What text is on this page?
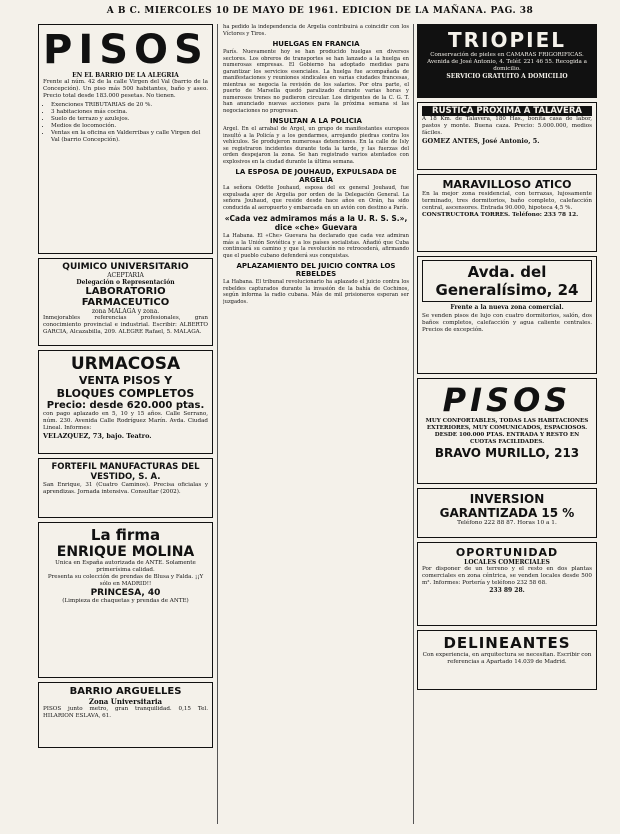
A B C. MIERCOLES 10 DE MAYO DE 1961. EDICION DE LA MAÑANA. PAG. 38
PISOS
EN EL BARRIO DE LA ALEGRIA
Frente al núm. 42 de la calle Virgen del Val (barrio de la Concepción). Un piso más 500 habitantes, baño y aseo. Precio total desde 183.000 pesetas. No tienen.
• Exenciones TRIBUTARIAS de 20 %.
• 3 habitaciones más cocina.
• Suelo de terrazo y azulejos.
• Medios de locomoción.
• Ventas en la oficina en Valderribas y calle Virgen del Val (barrio Concepción).
QUIMICO UNIVERSITARIO
ACEPTARIA
Delegación o Representación
LABORATORIO FARMACEUTICO
zona MALAGA y zona.
Inmejorables referencias profesionales, gran conocimiento provincial e industrial. Escribir: ALBERTO GARCIA, Alcazabilla, 209. ALEGRE Rafael, 5. MALAGA.
URMACOSA
VENTA PISOS Y
BLOQUES COMPLETOS
Precio: desde 620.000 ptas.
con pago aplazado en 5, 10 y 15 años. Calle Serrano, núm. 230. Avenida Calle Rodríguez Marín. Avda. Ciudad Lineal. Informes:
VELAZQUEZ, 73, bajo. Teatro.
FORTEFIL MANUFACTURAS DEL VESTIDO, S. A.
San Enrique, 31 (Cuatro Caminos). Precisa oficialas y aprendizas. Jornada intensiva. Consultar (2002).
La firma
ENRIQUE MOLINA
Unica en España autorizada de ANTE. Solamente primerísima calidad.
Presenta su colección de prendas de Blusa y Falda. ¡¡Y sólo en MADRID!!
PRINCESA, 40
(Limpieza de chaquetas y prendas de ANTE)
BARRIO ARGUELLES
Zona Universitaria
PISOS junto metro, gran tranquilidad. 0,15 Tel. HILARION ESLAVA, 61.
ha pedido la independencia de Argelia contribuirá a coincidir con los Víctores y Tiros.
HUELGAS EN FRANCIA
París. Nuevamente hoy se han producido huelgas en diversos sectores. Los obreros de transportes se han lanzado a la huelga en numerosas empresas. El Gobierno ha adoptado medidas para garantizar los servicios esenciales. La huelga fue acompañada de manifestaciones y reuniones sindicales en varias ciudades francesas, mientras se negocia la revisión de los salarios. Por otra parte, el puerto de Marsella quedó paralizado durante varias horas y numerosos trenes no pudieron circular. Los dirigentes de la C. G. T. han anunciado nuevas acciones para la próxima semana si las negociaciones no progresan.
INSULTAN A LA POLICIA
Argel. En el arrabal de Argel, un grupo de manifestantes europeos insultó a la Policía y a los gendarmes, arrojando piedras contra los vehículos. Se produjeron numerosas detenciones. En la calle de Isly se registraron incidentes durante toda la tarde, y las fuerzas del orden despejaron la zona. Se han registrado varios atentados con explosivos en la ciudad durante la última semana.
LA ESPOSA DE JOUHAUD, EXPULSADA DE ARGELIA
La señora Odette Jouhaud, esposa del ex general Jouhaud, fue expulsada ayer de Argelia por orden de la Delegación General. La señora Jouhaud, que reside desde hace años en Orán, ha sido conducida al aeropuerto y embarcada en un avión con destino a París.
«Cada vez admiramos más a la U. R. S. S.», dice «che» Guevara
La Habana. El «Che» Guevara ha declarado que cada vez admiran más a la Unión Soviética y a los países socialistas. Añadió que Cuba continuará su camino y que la revolución no retrocederá, afirmando que el pueblo cubano defenderá sus conquistas.
APLAZAMIENTO DEL JUICIO CONTRA LOS REBELDES
La Habana. El tribunal revolucionario ha aplazado el juicio contra los rebeldes capturados durante la invasión de la bahía de Cochinos, según informa la radio cubana. Más de mil prisioneros esperan ser juzgados.
TRIOPIEL
Conservación de pieles en CAMARAS FRIGORIFICAS. Avenida de José Antonio, 4. Teléf. 221 46 55. Recogida a domicilio.
SERVICIO GRATUITO A DOMICILIO
RUSTICA PROXIMA A TALAVERA
A 18 Km. de Talavera, 180 Has., bonita casa de labor, pastos y monte. Buena caza. Precio: 5.000.000, medios fáciles.
GOMEZ ANTES, José Antonio, 5.
MARAVILLOSO ATICO
En la mejor zona residencial, con terrazas, lujosamente terminado, tres dormitorios, baño completo, calefacción central, ascensores. Entrada 90.000, hipoteca 4,5 %.
CONSTRUCTORA TORRES. Teléfono: 233 78 12.
Avda. del Generalísimo, 24
Frente a la nueva zona comercial.
Se venden pisos de lujo con cuatro dormitorios, salón, dos baños completos, calefacción y agua caliente centrales. Precios de excepción.
PISOS
MUY CONFORTABLES, TODAS LAS HABITACIONES EXTERIORES, MUY COMUNICADOS, ESPACIOSOS. DESDE 100.000 PTAS. ENTRADA Y RESTO EN CUOTAS FACILIDADES.
BRAVO MURILLO, 213
INVERSION
GARANTIZADA 15 %
Teléfono 222 88 87. Horas 10 a 1.
OPORTUNIDAD
LOCALES COMERCIALES
Por disponer de un terreno y el resto en dos plantas comerciales en zona céntrica, se venden locales desde 500 m². Informes: Portería y teléfono 232 58 68.
233 89 28.
DELINEANTES
Con experiencia, en arquitectura se necesitan. Escribir con referencias a Apartado 14.039 de Madrid.
